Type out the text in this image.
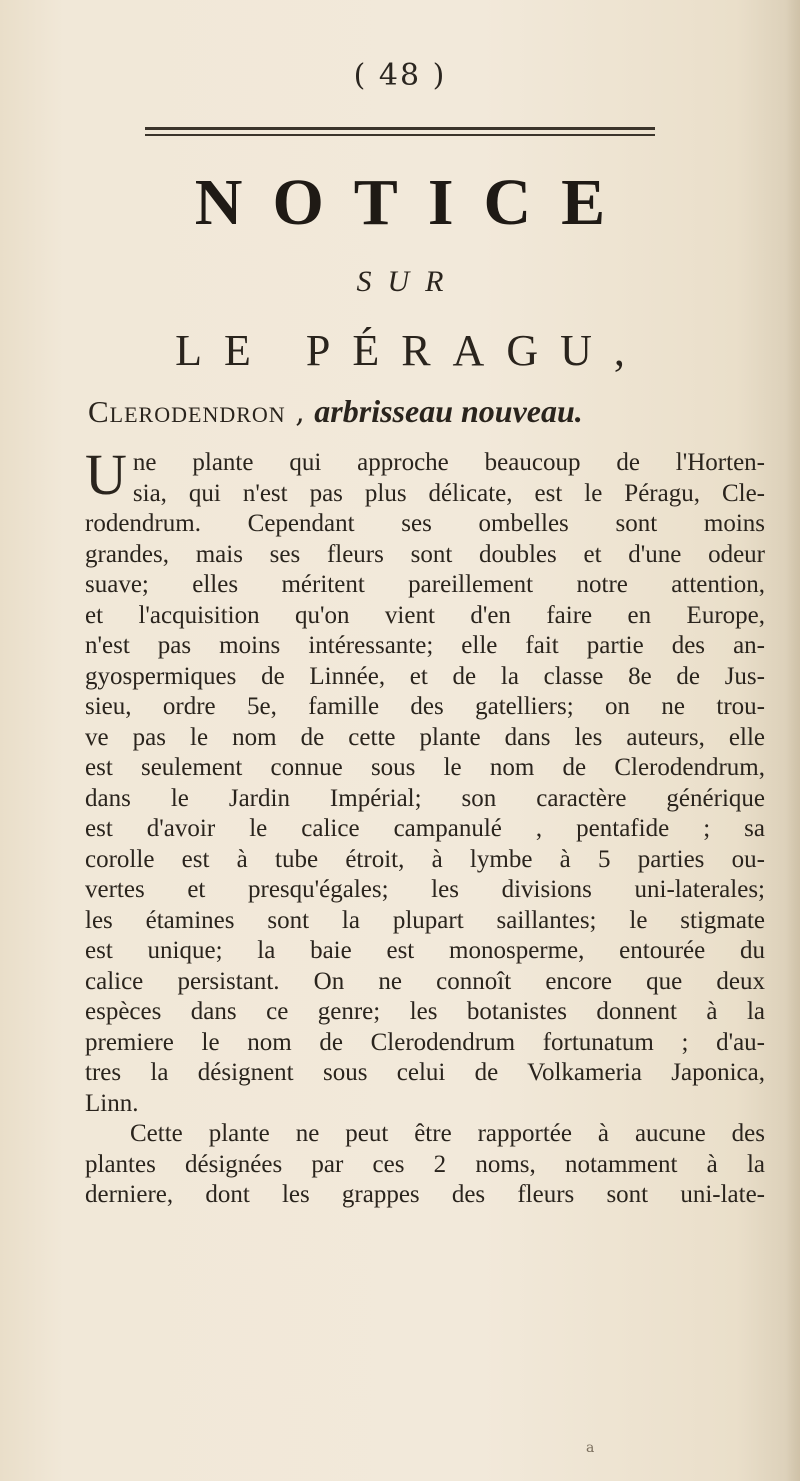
( 48 )
NOTICE
SUR
LE PÉRAGU,
Clerodendron , arbrisseau nouveau.

U ne plante qui approche beaucoup de l'Horten-
sia, qui n'est pas plus délicate, est le Péragu, Cle-
rodendrum. Cependant ses ombelles sont moins
grandes, mais ses fleurs sont doubles et d'une odeur
suave; elles méritent pareillement notre attention,
et l'acquisition qu'on vient d'en faire en Europe,
n'est pas moins intéressante; elle fait partie des an-
gyospermiques de Linnée, et de la classe 8e de Jus-
sieu, ordre 5e, famille des gatelliers; on ne trou-
ve pas le nom de cette plante dans les auteurs, elle
est seulement connue sous le nom de Clerodendrum,
dans le Jardin Impérial; son caractère générique
est d'avoir le calice campanulé , pentafide ; sa
corolle est à tube étroit, à lymbe à 5 parties ou-
vertes et presqu'égales; les divisions uni-laterales;
les étamines sont la plupart saillantes; le stigmate
est unique; la baie est monosperme, entourée du
calice persistant. On ne connoît encore que deux
espèces dans ce genre; les botanistes donnent à la
premiere le nom de Clerodendrum fortunatum ; d'au-
tres la désignent sous celui de Volkameria Japonica,
Linn.

Cette plante ne peut être rapportée à aucune des
plantes désignées par ces 2 noms, notamment à la
derniere, dont les grappes des fleurs sont uni-late-

a
